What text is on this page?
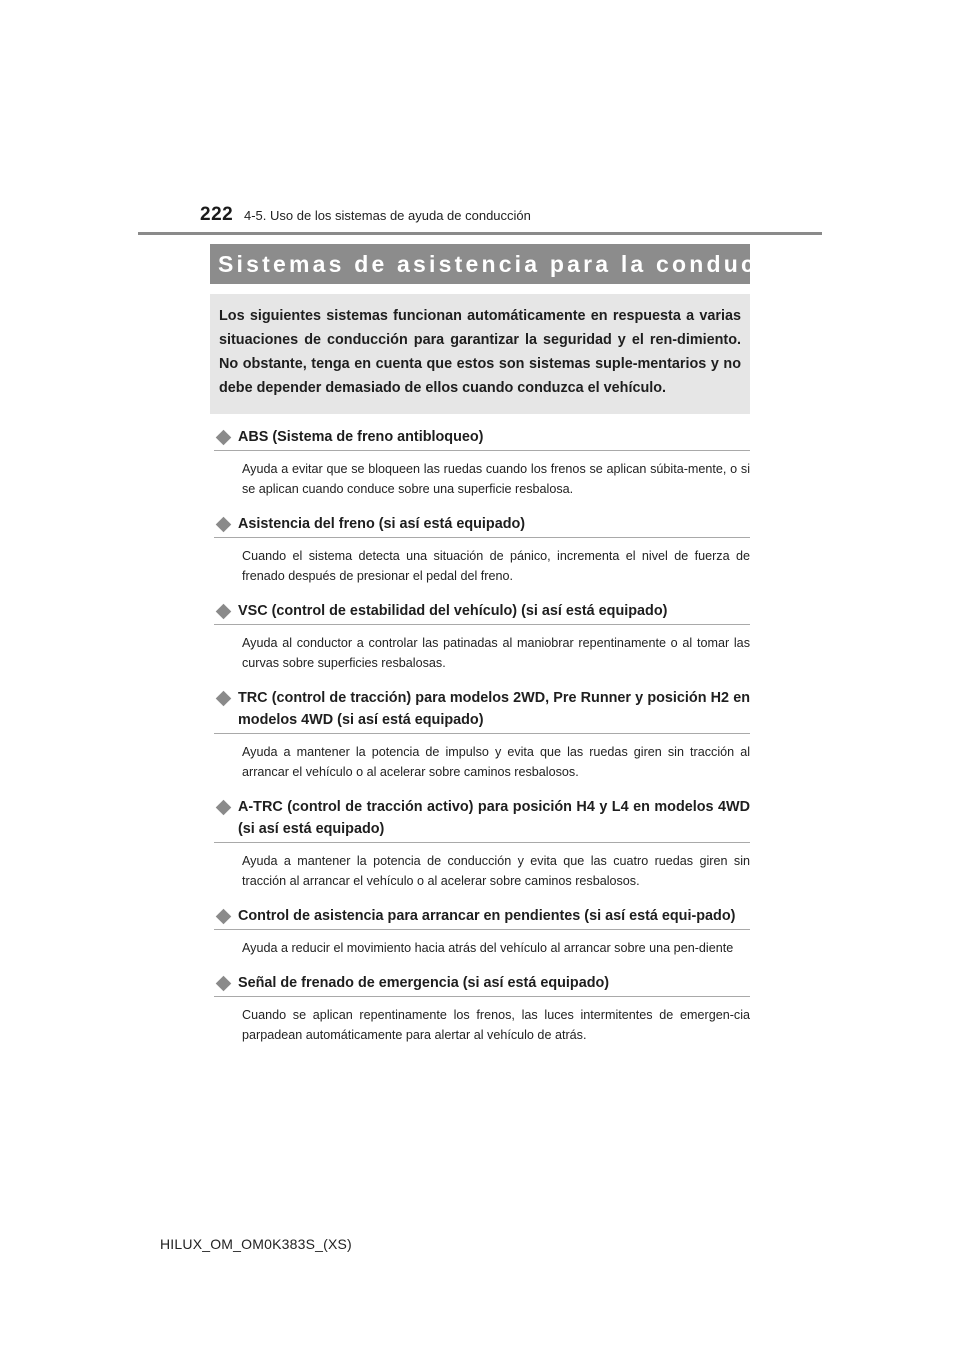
222 4-5. Uso de los sistemas de ayuda de conducción
Sistemas de asistencia para la conducción

Los siguientes sistemas funcionan automáticamente en respuesta a varias situaciones de conducción para garantizar la seguridad y el ren-dimiento. No obstante, tenga en cuenta que estos son sistemas suple-mentarios y no debe depender demasiado de ellos cuando conduzca el vehículo.

ABS (Sistema de freno antibloqueo)

Ayuda a evitar que se bloqueen las ruedas cuando los frenos se aplican súbita-mente, o si se aplican cuando conduce sobre una superficie resbalosa.

Asistencia del freno (si así está equipado)

Cuando el sistema detecta una situación de pánico, incrementa el nivel de fuerza de frenado después de presionar el pedal del freno.

VSC (control de estabilidad del vehículo) (si así está equipado)

Ayuda al conductor a controlar las patinadas al maniobrar repentinamente o al tomar las curvas sobre superficies resbalosas.

TRC (control de tracción) para modelos 2WD, Pre Runner y posición H2 en modelos 4WD (si así está equipado)

Ayuda a mantener la potencia de impulso y evita que las ruedas giren sin tracción al arrancar el vehículo o al acelerar sobre caminos resbalosos.

A-TRC (control de tracción activo) para posición H4 y L4 en modelos 4WD (si así está equipado)

Ayuda a mantener la potencia de conducción y evita que las cuatro ruedas giren sin tracción al arrancar el vehículo o al acelerar sobre caminos resbalosos.

Control de asistencia para arrancar en pendientes (si así está equi-pado)

Ayuda a reducir el movimiento hacia atrás del vehículo al arrancar sobre una pen-diente

Señal de frenado de emergencia (si así está equipado)

Cuando se aplican repentinamente los frenos, las luces intermitentes de emergen-cia parpadean automáticamente para alertar al vehículo de atrás.

HILUX_OM_OM0K383S_(XS)
